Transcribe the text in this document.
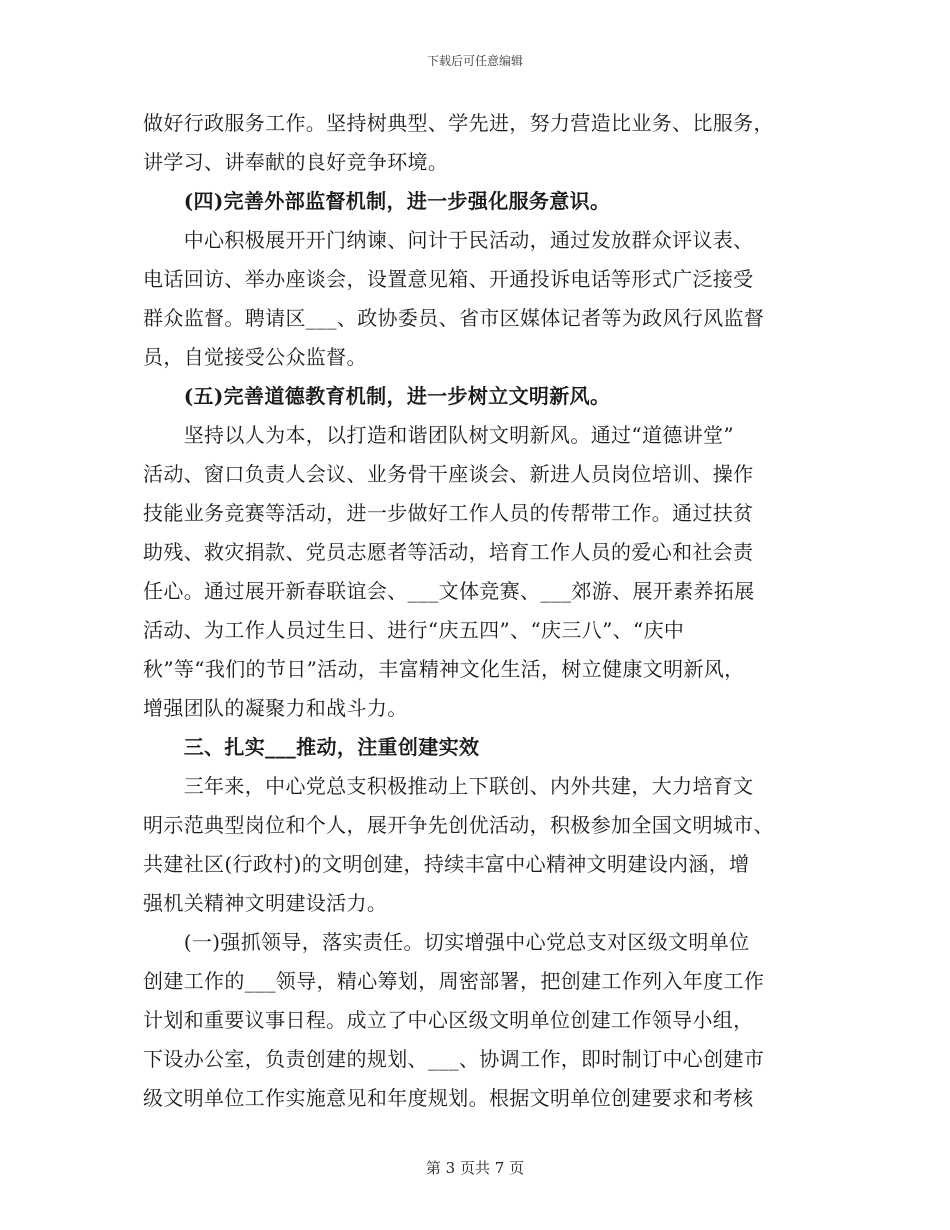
下载后可任意编辑
做好行政服务工作。坚持树典型、学先进，努力营造比业务、比服务，
讲学习、讲奉献的良好竞争环境。
　　(四)完善外部监督机制，进一步强化服务意识。
　　中心积极展开开门纳谏、问计于民活动，通过发放群众评议表、
电话回访、举办座谈会，设置意见箱、开通投诉电话等形式广泛接受
群众监督。聘请区___、政协委员、省市区媒体记者等为政风行风监督
员，自觉接受公众监督。
　　(五)完善道德教育机制，进一步树立文明新风。
　　坚持以人为本，以打造和谐团队树文明新风。通过“道德讲堂”
活动、窗口负责人会议、业务骨干座谈会、新进人员岗位培训、操作
技能业务竞赛等活动，进一步做好工作人员的传帮带工作。通过扶贫
助残、救灾捐款、党员志愿者等活动，培育工作人员的爱心和社会责
任心。通过展开新春联谊会、___文体竞赛、___郊游、展开素养拓展
活动、为工作人员过生日、进行“庆五四”、“庆三八”、“庆中
秋”等“我们的节日”活动，丰富精神文化生活，树立健康文明新风，
增强团队的凝聚力和战斗力。
　　三、扎实___推动，注重创建实效
　　三年来，中心党总支积极推动上下联创、内外共建，大力培育文
明示范典型岗位和个人，展开争先创优活动，积极参加全国文明城市、
共建社区(行政村)的文明创建，持续丰富中心精神文明建设内涵，增
强机关精神文明建设活力。
　　(一)强抓领导，落实责任。切实增强中心党总支对区级文明单位
创建工作的___领导，精心筹划，周密部署，把创建工作列入年度工作
计划和重要议事日程。成立了中心区级文明单位创建工作领导小组，
下设办公室，负责创建的规划、___、协调工作，即时制订中心创建市
级文明单位工作实施意见和年度规划。根据文明单位创建要求和考核
第 3 页共 7 页
